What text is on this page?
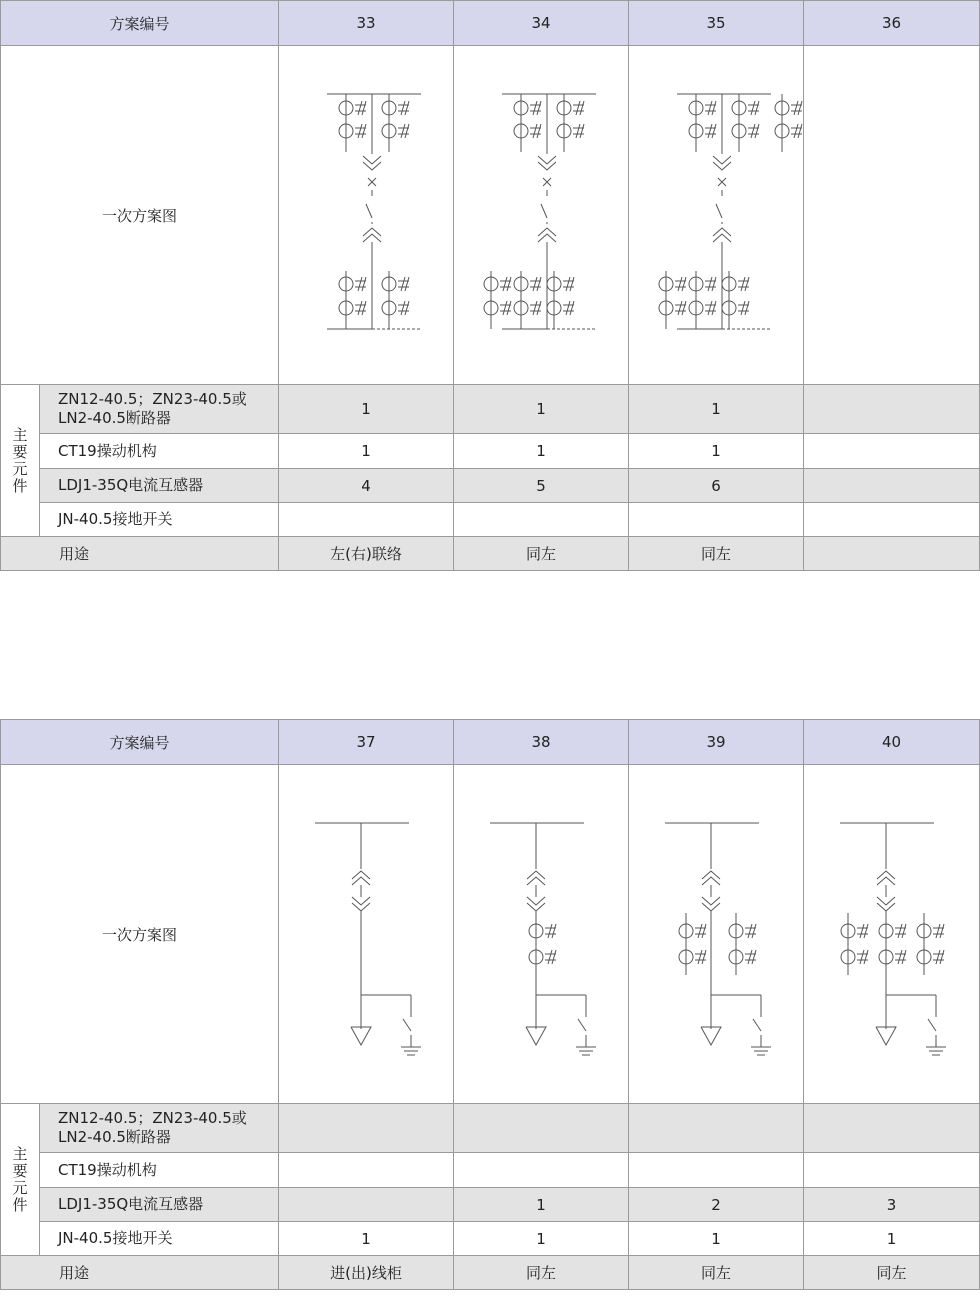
方案编号		33	34	35	36
一次方案图	

主
要
元
件	ZN12-40.5；ZN23-40.5或
LN2-40.5断路器	1	1	1	
	CT19操动机构	1	1	1	
	LDJ1-35Q电流互感器	4	5	6	
	JN-40.5接地开关				
用途		左(右)联络	同左	同左	
方案编号		37	38	39	40
一次方案图	

主
要
元
件	ZN12-40.5；ZN23-40.5或
LN2-40.5断路器				
	CT19操动机构				
	LDJ1-35Q电流互感器		1	2	3
	JN-40.5接地开关	1	1	1	1
用途		进(出)线柜	同左	同左	同左
